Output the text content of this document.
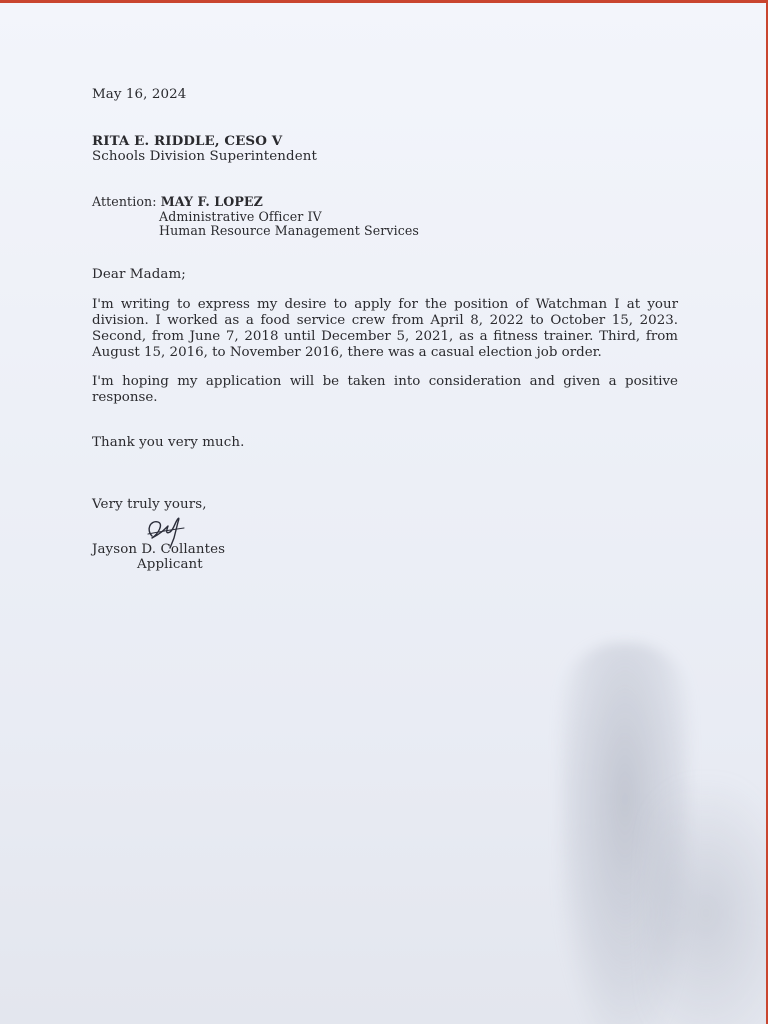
May 16, 2024
RITA E. RIDDLE, CESO V
Schools Division Superintendent
Attention: MAY F. LOPEZ
Administrative Officer IV
Human Resource Management Services
Dear Madam;
I'm writing to express my desire to apply for the position of Watchman I at your division. I worked as a food service crew from April 8, 2022 to October 15, 2023. Second, from June 7, 2018 until December 5, 2021, as a fitness trainer. Third, from August 15, 2016, to November 2016, there was a casual election job order.
I'm hoping my application will be taken into consideration and given a positive response.
Thank you very much.
Very truly yours,
Jayson D. Collantes
Applicant
